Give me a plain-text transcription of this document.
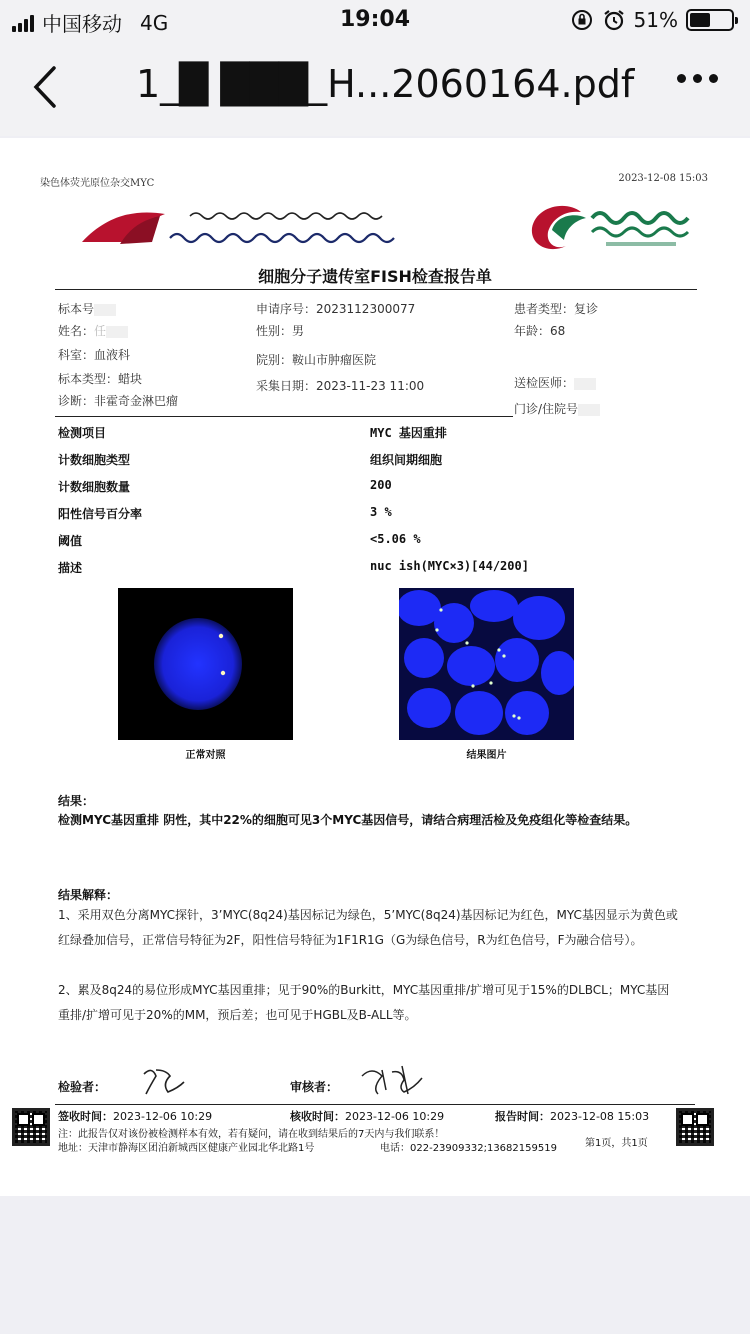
中国移动 4G	19:04	51%
1_█ ███_H...2060164.pdf
染色体荧光原位杂交MYC	2023-12-08 15:03
细胞分子遗传室FISH检查报告单
标本号
姓名：任
科室：血液科
标本类型：蜡块
诊断：非霍奇金淋巴瘤
申请序号：2023112300077
性别：男
院别：鞍山市肿瘤医院
采集日期：2023-11-23 11:00
患者类型：复诊
年龄：68
送检医师：
门诊/住院号
检测项目	MYC 基因重排
计数细胞类型	组织间期细胞
计数细胞数量	200
阳性信号百分率	3 %
阈值	<5.06 %
描述	nuc ish(MYC×3)[44/200]
正常对照	结果图片
结果：
检测MYC基因重排 阴性，其中22%的细胞可见3个MYC基因信号，请结合病理活检及免疫组化等检查结果。
结果解释：
1、采用双色分离MYC探针，3’MYC(8q24)基因标记为绿色，5’MYC(8q24)基因标记为红色，MYC基因显示为黄色或红绿叠加信号，正常信号特征为2F，阳性信号特征为1F1R1G（G为绿色信号，R为红色信号，F为融合信号）。
2、累及8q24的易位形成MYC基因重排；见于90%的Burkitt，MYC基因重排/扩增可见于15%的DLBCL；MYC基因重排/扩增可见于20%的MM，预后差；也可见于HGBL及B-ALL等。
检验者：	审核者：
签收时间：2023-12-06 10:29	核收时间：2023-12-06 10:29	报告时间：2023-12-08 15:03
注：此报告仅对该份被检测样本有效，若有疑问，请在收到结果后的7天内与我们联系！
第1页，共1页
地址：天津市静海区团泊新城西区健康产业园北华北路1号	电话：022-23909332;13682159519
